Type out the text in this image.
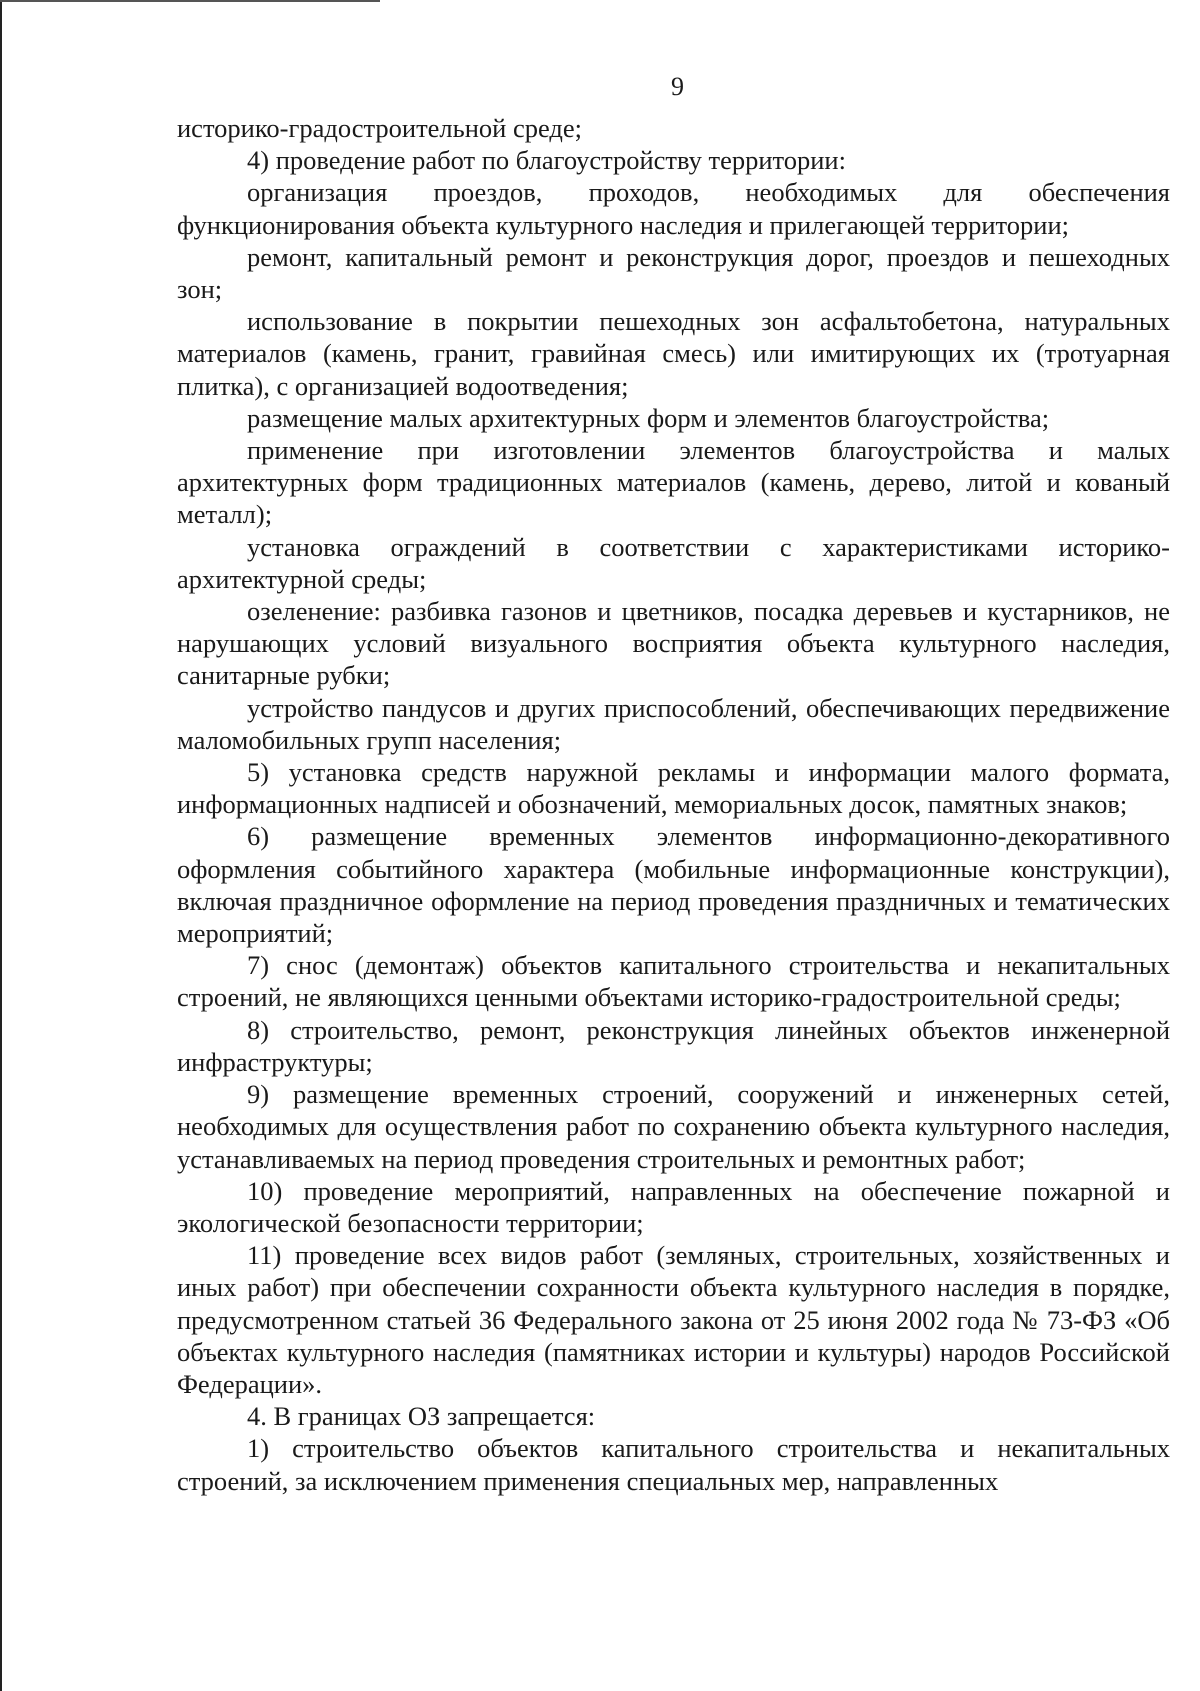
9

историко-градостроительной среде;

4) проведение работ по благоустройству территории:

организация проездов, проходов, необходимых для обеспечения функционирования объекта культурного наследия и прилегающей территории;

ремонт, капитальный ремонт и реконструкция дорог, проездов и пешеходных зон;

использование в покрытии пешеходных зон асфальтобетона, натуральных материалов (камень, гранит, гравийная смесь) или имитирующих их (тротуарная плитка), с организацией водоотведения;

размещение малых архитектурных форм и элементов благоустройства;

применение при изготовлении элементов благоустройства и малых архитектурных форм традиционных материалов (камень, дерево, литой и кованый металл);

установка ограждений в соответствии с характеристиками историко-архитектурной среды;

озеленение: разбивка газонов и цветников, посадка деревьев и кустарников, не нарушающих условий визуального восприятия объекта культурного наследия, санитарные рубки;

устройство пандусов и других приспособлений, обеспечивающих передвижение маломобильных групп населения;

5) установка средств наружной рекламы и информации малого формата, информационных надписей и обозначений, мемориальных досок, памятных знаков;

6) размещение временных элементов информационно-декоративного оформления событийного характера (мобильные информационные конструкции), включая праздничное оформление на период проведения праздничных и тематических мероприятий;

7) снос (демонтаж) объектов капитального строительства и некапитальных строений, не являющихся ценными объектами историко-градостроительной среды;

8) строительство, ремонт, реконструкция линейных объектов инженерной инфраструктуры;

9) размещение временных строений, сооружений и инженерных сетей, необходимых для осуществления работ по сохранению объекта культурного наследия, устанавливаемых на период проведения строительных и ремонтных работ;

10) проведение мероприятий, направленных на обеспечение пожарной и экологической безопасности территории;

11) проведение всех видов работ (земляных, строительных, хозяйственных и иных работ) при обеспечении сохранности объекта культурного наследия в порядке, предусмотренном статьей 36 Федерального закона от 25 июня 2002 года № 73-ФЗ «Об объектах культурного наследия (памятниках истории и культуры) народов Российской Федерации».

4. В границах ОЗ запрещается:

1) строительство объектов капитального строительства и некапитальных строений, за исключением применения специальных мер, направленных
